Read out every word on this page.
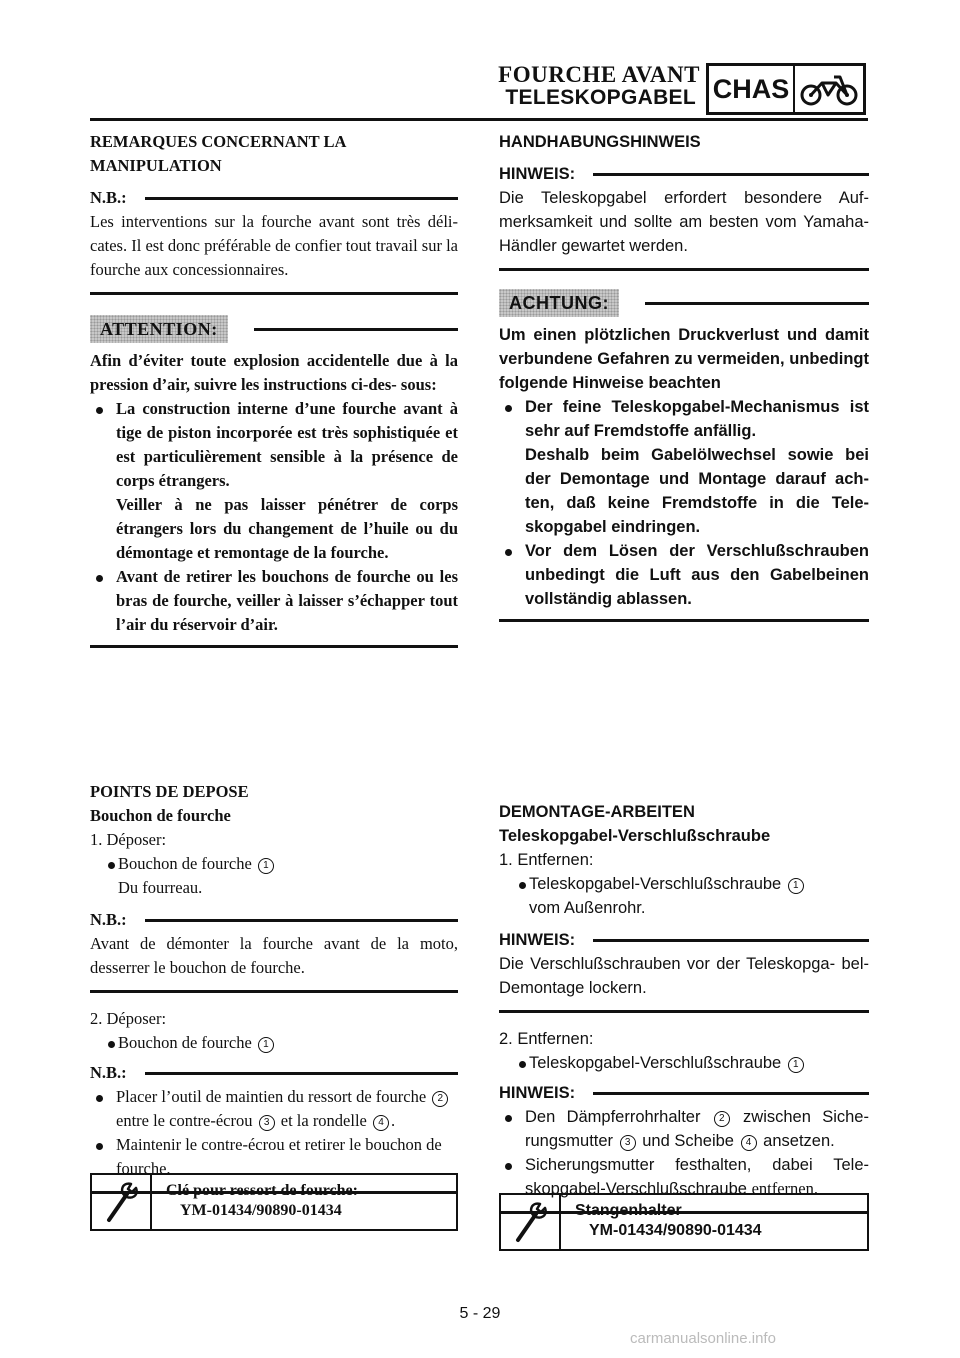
FOURCHE AVANT
TELESKOPGABEL CHAS
REMARQUES CONCERNANT LA
MANIPULATION
N.B.:
Les interventions sur la fourche avant sont très déli- cates. Il est donc préférable de confier tout travail sur la fourche aux concessionnaires.
ATTENTION:
Afin d’éviter toute explosion accidentelle due à la pression d’air, suivre les instructions ci-des- sous:
La construction interne d’une fourche avant à tige de piston incorporée est très sophistiquée et est particulièrement sensible à la présence de corps étrangers.
Veiller à ne pas laisser pénétrer de corps étrangers lors du changement de l’huile ou du démontage et remontage de la fourche.
Avant de retirer les bouchons de fourche ou les bras de fourche, veiller à laisser s’échapper tout l’air du réservoir d’air.
HANDHABUNGSHINWEIS
HINWEIS:
Die Teleskopgabel erfordert besondere Auf- merksamkeit und sollte am besten vom Yamaha-Händler gewartet werden.
ACHTUNG:
Um einen plötzlichen Druckverlust und damit verbundene Gefahren zu vermeiden, unbedingt folgende Hinweise beachten
Der feine Teleskopgabel-Mechanismus ist sehr auf Fremdstoffe anfällig.
Deshalb beim Gabelölwechsel sowie bei der Demontage und Montage darauf ach- ten, daß keine Fremdstoffe in die Tele- skopgabel eindringen.
Vor dem Lösen der Verschlußschrauben unbedingt die Luft aus den Gabelbeinen vollständig ablassen.
POINTS DE DEPOSE
Bouchon de fourche
1. Déposer:
Bouchon de fourche 1
Du fourreau.
N.B.:
Avant de démonter la fourche avant de la moto, desserrer le bouchon de fourche.
2. Déposer:
Bouchon de fourche 1
N.B.:
Placer l’outil de maintien du ressort de fourche 2 entre le contre-écrou 3 et la rondelle 4 .
Maintenir le contre-écrou et retirer le bouchon de fourche.
Clé pour ressort de fourche:
YM-01434/90890-01434
DEMONTAGE-ARBEITEN
Teleskopgabel-Verschlußschraube
1. Entfernen:
Teleskopgabel-Verschlußschraube 1
vom Außenrohr.
HINWEIS:
Die Verschlußschrauben vor der Teleskopga- bel-Demontage lockern.
2. Entfernen:
Teleskopgabel-Verschlußschraube 1
HINWEIS:
Den Dämpferrohrhalter 2 zwischen Siche- rungsmutter 3 und Scheibe 4 ansetzen.
Sicherungsmutter festhalten, dabei Tele- skopgabel-Verschlußschraube entfernen.
Stangenhalter
YM-01434/90890-01434
5 - 29
carmanualsonline.info
